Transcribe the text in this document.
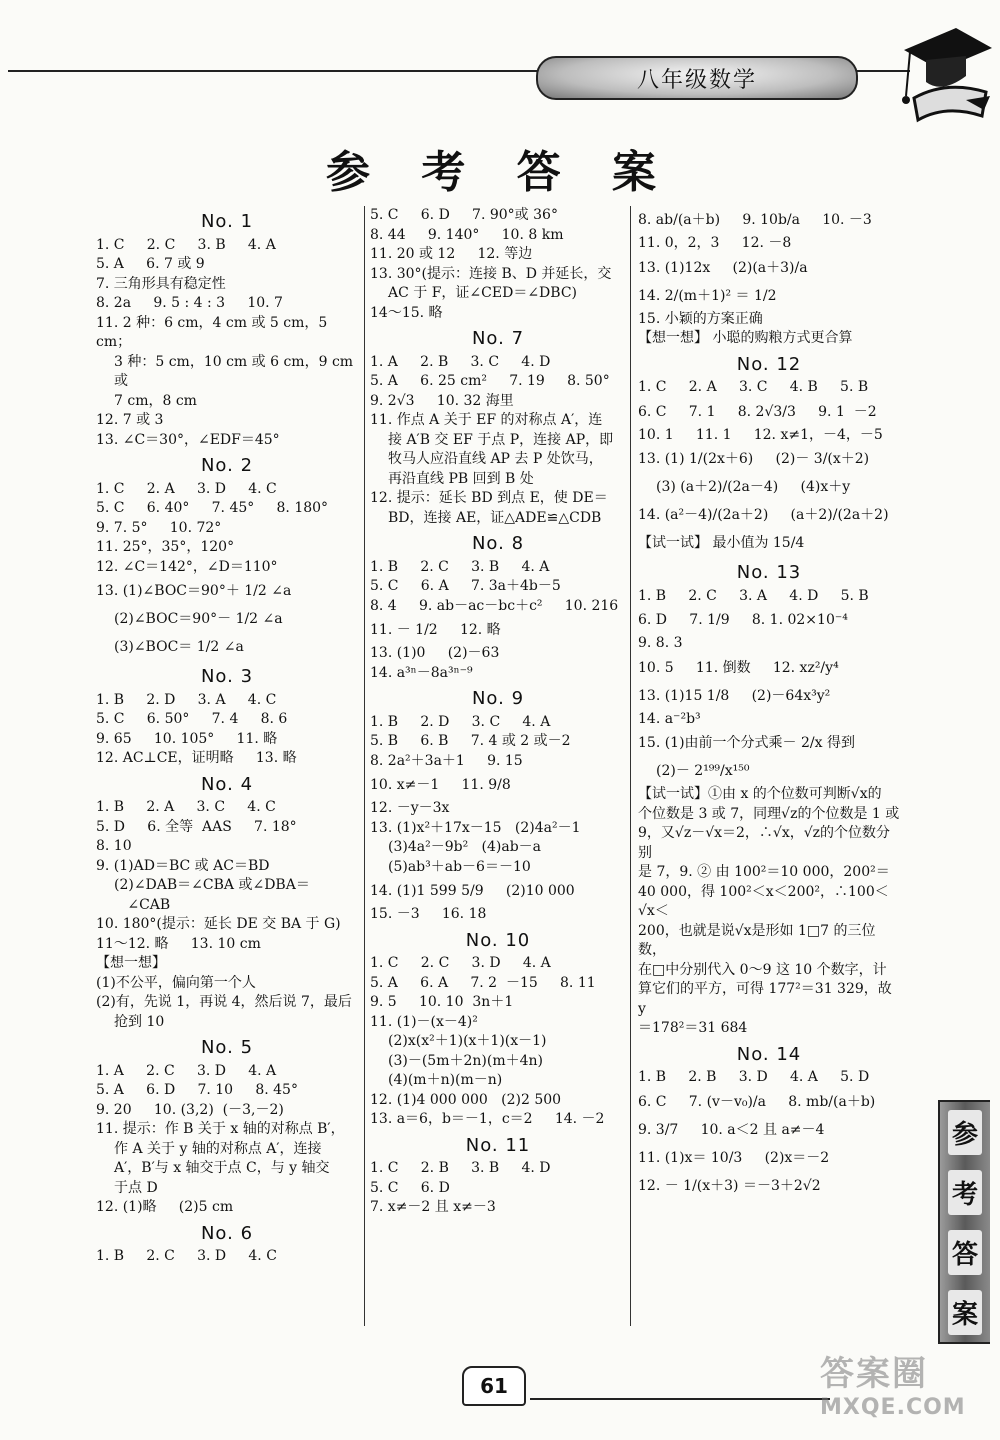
八年级数学
参 考 答 案
No. 1
1. C     2. C     3. B     4. A
5. A     6. 7 或 9
7. 三角形具有稳定性
8. 2a     9. 5 : 4 : 3     10. 7
11. 2 种：6 cm，4 cm 或 5 cm，5 cm；
3 种：5 cm，10 cm 或 6 cm，9 cm 或
7 cm，8 cm
12. 7 或 3
13. ∠C＝30°，∠EDF＝45°
No. 2
1. C     2. A     3. D     4. C
5. C     6. 40°     7. 45°     8. 180°
9. 7. 5°     10. 72°
11. 25°，35°，120°
12. ∠C＝142°，∠D＝110°
13. (1)∠BOC＝90°＋ 1/2 ∠a
(2)∠BOC＝90°－ 1/2 ∠a
(3)∠BOC＝ 1/2 ∠a
No. 3
1. B     2. D     3. A     4. C
5. C     6. 50°     7. 4     8. 6
9. 65     10. 105°     11. 略
12. AC⊥CE，证明略     13. 略
No. 4
1. B     2. A     3. C     4. C
5. D     6. 全等  AAS     7. 18°
8. 10
9. (1)AD＝BC 或 AC＝BD
(2)∠DAB＝∠CBA 或∠DBA＝
∠CAB
10. 180°(提示：延长 DE 交 BA 于 G)
11～12. 略     13. 10 cm
【想一想】
(1)不公平，偏向第一个人
(2)有，先说 1，再说 4，然后说 7，最后
抢到 10
No. 5
1. A     2. C     3. D     4. A
5. A     6. D     7. 10     8. 45°
9. 20     10. (3,2)  (－3,－2)
11. 提示：作 B 关于 x 轴的对称点 B′，
作 A 关于 y 轴的对称点 A′，连接
A′，B′与 x 轴交于点 C，与 y 轴交
于点 D
12. (1)略     (2)5 cm
No. 6
1. B     2. C     3. D     4. C
5. C     6. D     7. 90°或 36°
8. 44     9. 140°     10. 8 km
11. 20 或 12     12. 等边
13. 30°(提示：连接 B、D 并延长，交
AC 于 F，证∠CED＝∠DBC)
14～15. 略
No. 7
1. A     2. B     3. C     4. D
5. A     6. 25 cm²     7. 19     8. 50°
9. 2√3     10. 32 海里
11. 作点 A 关于 EF 的对称点 A′，连
接 A′B 交 EF 于点 P，连接 AP，即
牧马人应沿直线 AP 去 P 处饮马，
再沿直线 PB 回到 B 处
12. 提示：延长 BD 到点 E，使 DE＝
BD，连接 AE，证△ADE≌△CDB
No. 8
1. B     2. C     3. B     4. A
5. C     6. A     7. 3a＋4b－5
8. 4     9. ab－ac－bc＋c²     10. 216
11. － 1/2     12. 略
13. (1)0     (2)－63
14. a³ⁿ－8a³ⁿ⁻⁹
No. 9
1. B     2. D     3. C     4. A
5. B     6. B     7. 4 或 2 或－2
8. 2a²＋3a＋1     9. 15
10. x≠－1     11. 9/8
12. －y－3x
13. (1)x²＋17x－15   (2)4a²－1
(3)4a²－9b²   (4)ab－a
(5)ab³＋ab－6＝－10
14. (1)1 599 5/9     (2)10 000
15. －3     16. 18
No. 10
1. C     2. C     3. D     4. A
5. A     6. A     7. 2  －15     8. 11
9. 5     10. 10  3n＋1
11. (1)－(x－4)²
(2)x(x²＋1)(x＋1)(x－1)
(3)－(5m＋2n)(m＋4n)
(4)(m＋n)(m－n)
12. (1)4 000 000   (2)2 500
13. a＝6，b＝－1，c＝2     14. －2
No. 11
1. C     2. B     3. B     4. D
5. C     6. D
7. x≠－2 且 x≠－3
8. ab/(a＋b)     9. 10b/a     10. －3
11. 0，2，3     12. －8
13. (1)12x     (2)(a＋3)/a
14. 2/(m＋1)² ＝ 1/2
15. 小颖的方案正确
【想一想】 小聪的购粮方式更合算
No. 12
1. C     2. A     3. C     4. B     5. B
6. C     7. 1     8. 2√3/3     9. 1  －2
10. 1     11. 1     12. x≠1，－4，－5
13. (1) 1/(2x＋6)     (2)－ 3/(x＋2)
(3) (a＋2)/(2a－4)     (4)x＋y
14. (a²－4)/(2a＋2)     (a＋2)/(2a＋2)
【试一试】 最小值为 15/4
No. 13
1. B     2. C     3. A     4. D     5. B
6. D     7. 1/9     8. 1. 02×10⁻⁴
9. 8. 3
10. 5     11. 倒数     12. xz²/y⁴
13. (1)15 1/8     (2)－64x³y²
14. a⁻²b³
15. (1)由前一个分式乘－ 2/x 得到
(2)－ 2¹⁹⁹/x¹⁵⁰
【试一试】①由 x 的个位数可判断√x的
个位数是 3 或 7，同理√z的个位数是 1 或
9，又√z－√x＝2，∴√x，√z的个位数分别
是 7，9. ② 由 100²＝10 000，200²＝
40 000，得 100²＜x＜200²，∴100＜√x＜
200，也就是说√x是形如 1□7 的三位数，
在□中分别代入 0～9 这 10 个数字，计
算它们的平方，可得 177²＝31 329，故 y
＝178²＝31 684
No. 14
1. B     2. B     3. D     4. A     5. D
6. C     7. (v－v₀)/a     8. mb/(a＋b)
9. 3/7     10. a＜2 且 a≠－4
11. (1)x＝ 10/3     (2)x＝－2
12. － 1/(x＋3) ＝－3＋2√2
参
考
答
案
61	答案圈
MXQE.COM
